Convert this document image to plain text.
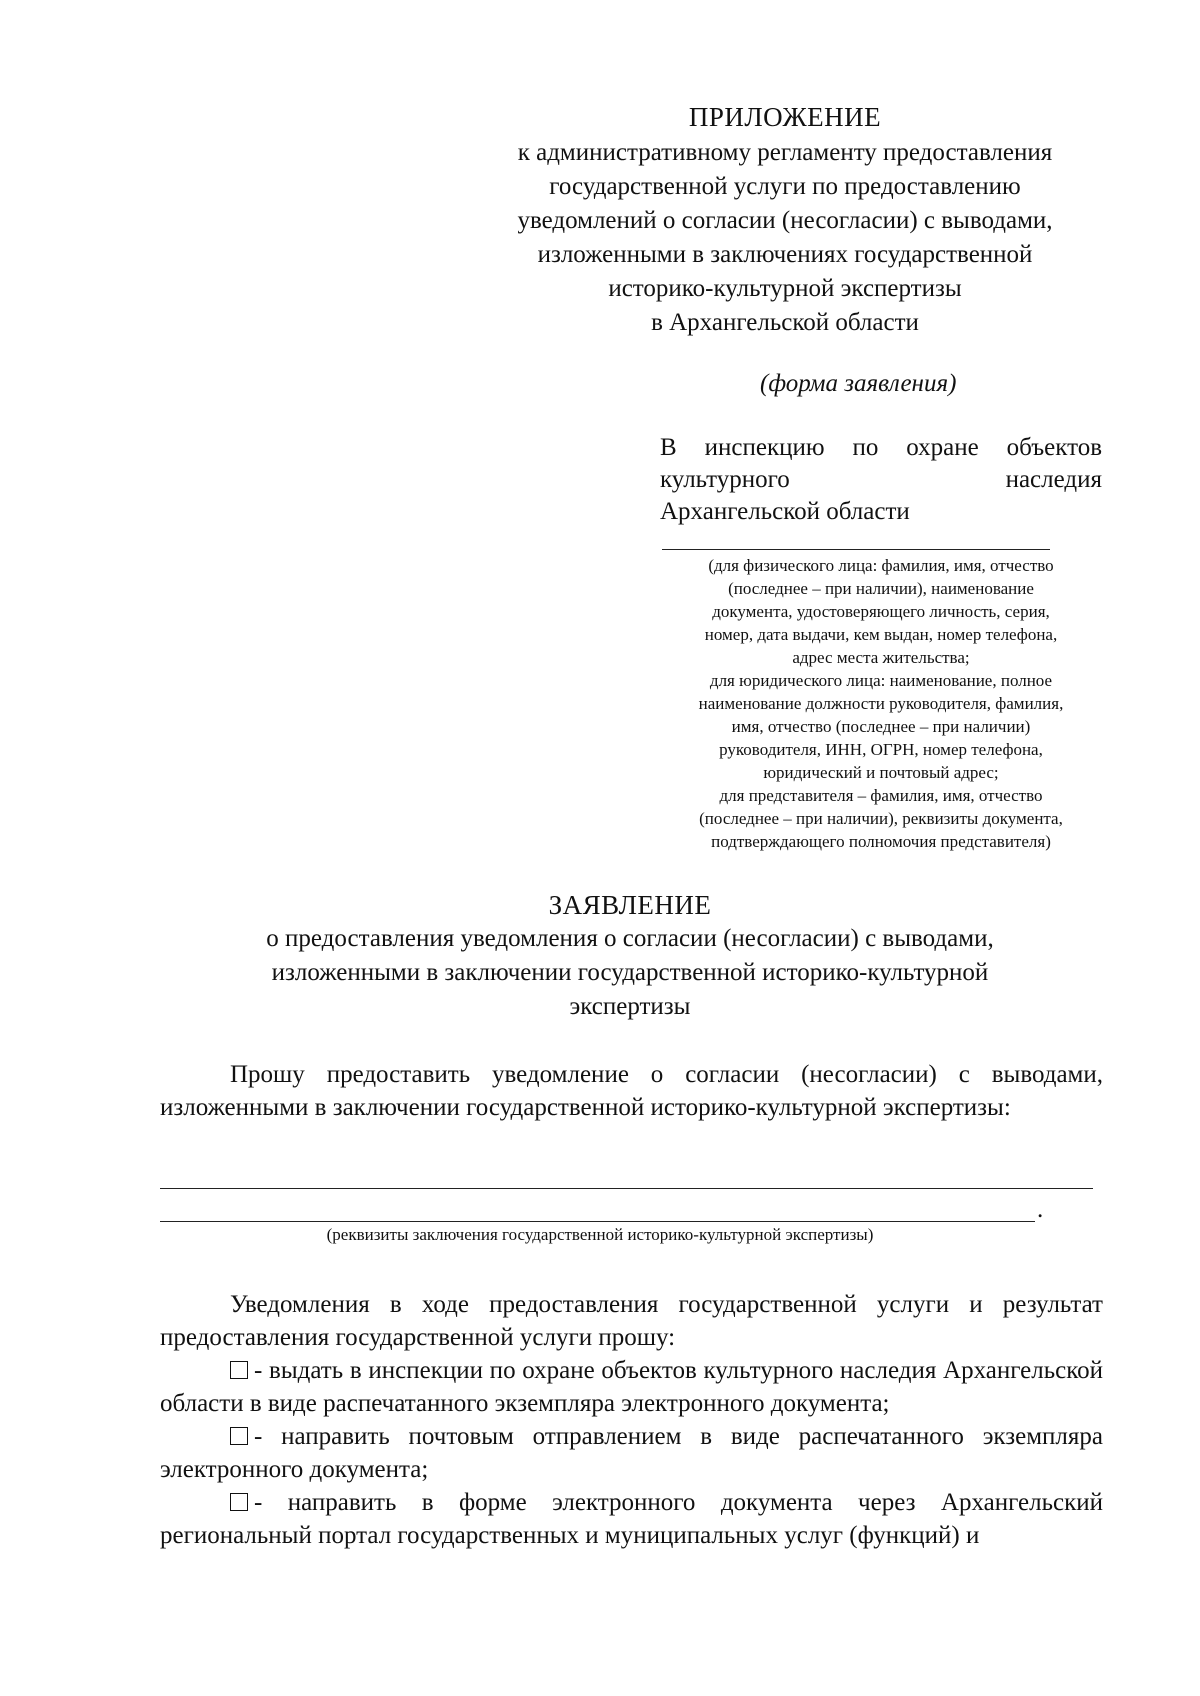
ПРИЛОЖЕНИЕ
к административному регламенту предоставления
государственной услуги по предоставлению
уведомлений о согласии (несогласии) с выводами,
изложенными в заключениях государственной
историко-культурной экспертизы
в Архангельской области
(форма заявления)
В инспекцию по охране объектов
культурного наследия
Архангельской области
(для физического лица: фамилия, имя, отчество
(последнее – при наличии), наименование
документа, удостоверяющего личность, серия,
номер, дата выдачи, кем выдан, номер телефона,
адрес места жительства;
для юридического лица: наименование, полное
наименование должности руководителя, фамилия,
имя, отчество (последнее – при наличии)
руководителя, ИНН, ОГРН, номер телефона,
юридический и почтовый адрес;
для представителя – фамилия, имя, отчество
(последнее – при наличии), реквизиты документа,
подтверждающего полномочия представителя)
ЗАЯВЛЕНИЕ
о предоставления уведомления о согласии (несогласии) с выводами,
изложенными в заключении государственной историко-культурной
экспертизы

Прошу предоставить уведомление о согласии (несогласии) с выводами, изложенными в заключении государственной историко-культурной экспертизы:

.
(реквизиты заключения государственной историко-культурной экспертизы)

Уведомления в ходе предоставления государственной услуги и результат предоставления государственной услуги прошу:

- выдать в инспекции по охране объектов культурного наследия Архангельской области в виде распечатанного экземпляра электронного документа;

- направить почтовым отправлением в виде распечатанного экземпляра электронного документа;

- направить в форме электронного документа через Архангельский региональный портал государственных и муниципальных услуг (функций) и
